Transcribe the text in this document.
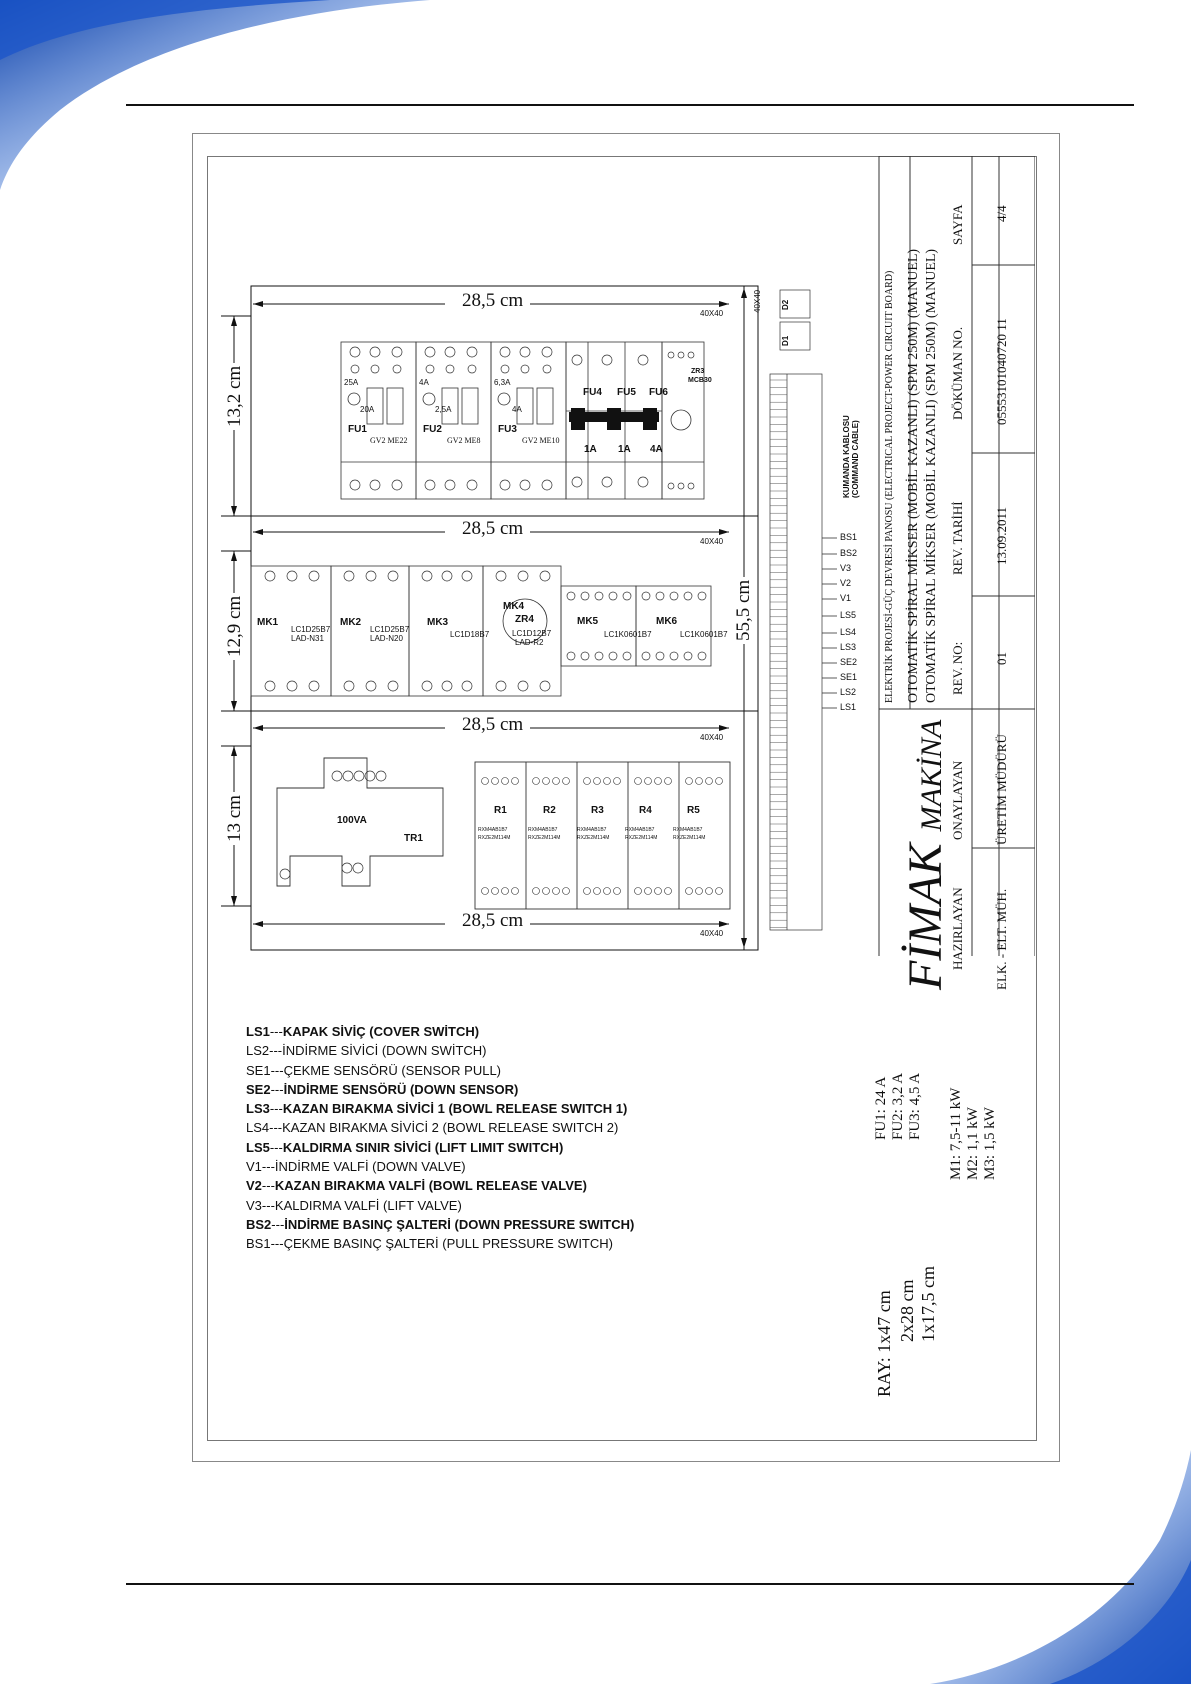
25A	4A	6,3A
20A	2,5A	4A
FU1	FU2	FU3
GV2 ME22	GV2 ME8	GV2 ME10
FU4 FU5 FU6
1A 1A 4A
ZR3
MCB30
MK1
LC1D25B7
LAD-N31
MK2
LC1D25B7
LAD-N20
MK3
LC1D18B7
MK4
ZR4
LC1D12B7
LAD-R2
MK5
LC1K0601B7
MK6
LC1K0601B7
100VA
TR1
R1	R2	R3	R4	R5
RXM4AB1B7
RXZE2M114M
RXM4AB1B7
RXZE2M114M
RXM4AB1B7
RXZE2M114M
RXM4AB1B7
RXZE2M114M
RXM4AB1B7
RXZE2M114M
28,5 cm
28,5 cm
28,5 cm
28,5 cm
40X40
40X40
40X40
40X40
40X40
13,2 cm
12,9 cm
13 cm
55,5 cm
D2
D1
KUMANDA KABLOSU (COMMAND CABLE)
BS1
BS2
V3
V2
V1
LS5
LS4
LS3
SE2
SE1
LS2
LS1
ELEKTRİK PROJESİ-GÜÇ DEVRESİ PANOSU (ELECTRICAL PROJECT-POWER CIRCUIT BOARD) OTOMATİK SPİRAL MİKSER (MOBİL KAZANLI) (SPM 250M) (MANUEL) OTOMATİK SPİRAL MİKSER (MOBİL KAZANLI) (SPM 250M) (MANUEL)
SAYFA 4/4
DÖKÜMAN NO. 05553101040720 11
REV. TARİHİ 13.09.2011
REV. NO: 01
ONAYLAYAN ÜRETİM MÜDÜRÜ
HAZIRLAYAN ELK. - ELT. MÜH.
FİMAK MAKİNA
FU1: 24 A FU2: 3,2 A FU3: 4,5 A M1: 7,5-11 kW M2: 1,1 kW M3: 1,5 kW
RAY: 1x47 cm 2x28 cm 1x17,5 cm
LS1---KAPAK SİVİÇ (COVER SWİTCH)
LS2---İNDİRME SİVİCİ (DOWN SWİTCH)
SE1---ÇEKME SENSÖRÜ (SENSOR PULL)
SE2---İNDİRME SENSÖRÜ (DOWN SENSOR)
LS3---KAZAN BIRAKMA SİVİCİ 1 (BOWL RELEASE SWITCH 1)
LS4---KAZAN BIRAKMA SİVİCİ 2 (BOWL RELEASE SWITCH 2)
LS5---KALDIRMA SINIR SİVİCİ (LIFT LIMIT SWITCH)
V1---İNDİRME VALFİ (DOWN VALVE)
V2---KAZAN BIRAKMA VALFİ (BOWL RELEASE VALVE)
V3---KALDIRMA VALFİ (LIFT VALVE)
BS2---İNDİRME BASINÇ ŞALTERİ (DOWN PRESSURE SWITCH)
BS1---ÇEKME BASINÇ ŞALTERİ (PULL PRESSURE SWITCH)
